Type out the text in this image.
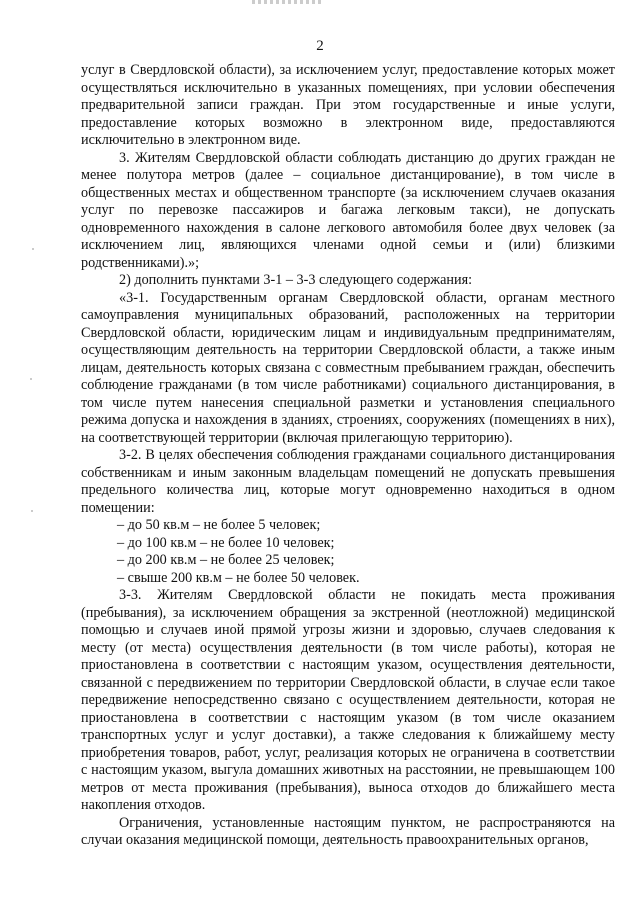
2

услуг в Свердловской области), за исключением услуг, предоставление которых может осуществляться исключительно в указанных помещениях, при условии обеспечения предварительной записи граждан. При этом государственные и иные услуги, предоставление которых возможно в электронном виде, предоставляются исключительно в электронном виде.

3. Жителям Свердловской области соблюдать дистанцию до других граждан не менее полутора метров (далее – социальное дистанцирование), в том числе в общественных местах и общественном транспорте (за исключением случаев оказания услуг по перевозке пассажиров и багажа легковым такси), не допускать одновременного нахождения в салоне легкового автомобиля более двух человек (за исключением лиц, являющихся членами одной семьи и (или) близкими родственниками).»;

2) дополнить пунктами 3-1 – 3-3 следующего содержания:

«3-1. Государственным органам Свердловской области, органам местного самоуправления муниципальных образований, расположенных на территории Свердловской области, юридическим лицам и индивидуальным предпринимателям, осуществляющим деятельность на территории Свердловской области, а также иным лицам, деятельность которых связана с совместным пребыванием граждан, обеспечить соблюдение гражданами (в том числе работниками) социального дистанцирования, в том числе путем нанесения специальной разметки и установления специального режима допуска и нахождения в зданиях, строениях, сооружениях (помещениях в них), на соответствующей территории (включая прилегающую территорию).

3-2. В целях обеспечения соблюдения гражданами социального дистанцирования собственникам и иным законным владельцам помещений не допускать превышения предельного количества лиц, которые могут одновременно находиться в одном помещении:

– до 50 кв.м – не более 5 человек;

– до 100 кв.м – не более 10 человек;

– до 200 кв.м – не более 25 человек;

– свыше 200 кв.м – не более 50 человек.

3-3. Жителям Свердловской области не покидать места проживания (пребывания), за исключением обращения за экстренной (неотложной) медицинской помощью и случаев иной прямой угрозы жизни и здоровью, случаев следования к месту (от места) осуществления деятельности (в том числе работы), которая не приостановлена в соответствии с настоящим указом, осуществления деятельности, связанной с передвижением по территории Свердловской области, в случае если такое передвижение непосредственно связано с осуществлением деятельности, которая не приостановлена в соответствии с настоящим указом (в том числе оказанием транспортных услуг и услуг доставки), а также следования к ближайшему месту приобретения товаров, работ, услуг, реализация которых не ограничена в соответствии с настоящим указом, выгула домашних животных на расстоянии, не превышающем 100 метров от места проживания (пребывания), выноса отходов до ближайшего места накопления отходов.

Ограничения, установленные настоящим пунктом, не распространяются на случаи оказания медицинской помощи, деятельность правоохранительных органов,
